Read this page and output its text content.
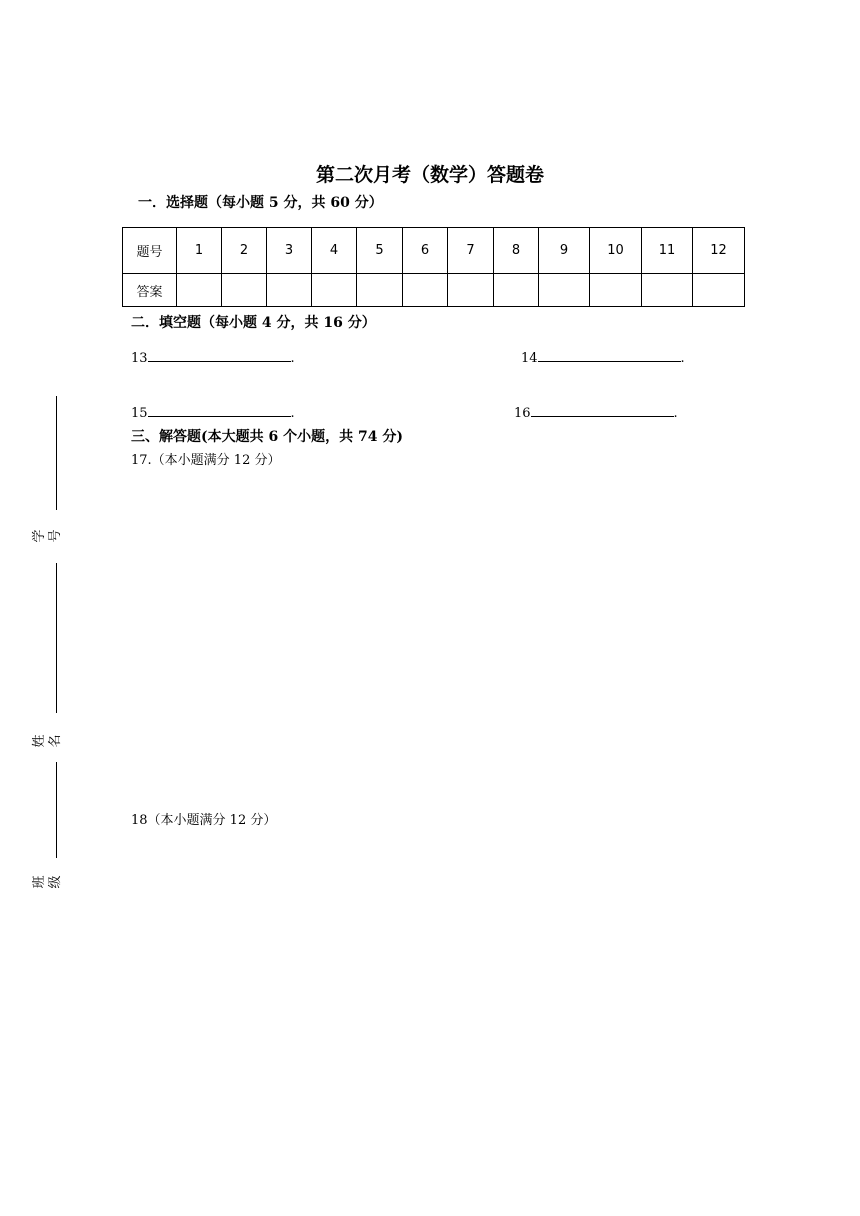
第二次月考（数学）答题卷
一．选择题（每小题 5 分，共 60 分）
题号	1	2	3	4	5	6	7	8	9	10	11	12
答案												
二．填空题（每小题 4 分，共 16 分）
13	.	14	.
15	.	16	.
三、解答题(本大题共 6 个小题，共 74 分)
17.（本小题满分 12 分）
18（本小题满分 12 分）
学号
姓名
班级
